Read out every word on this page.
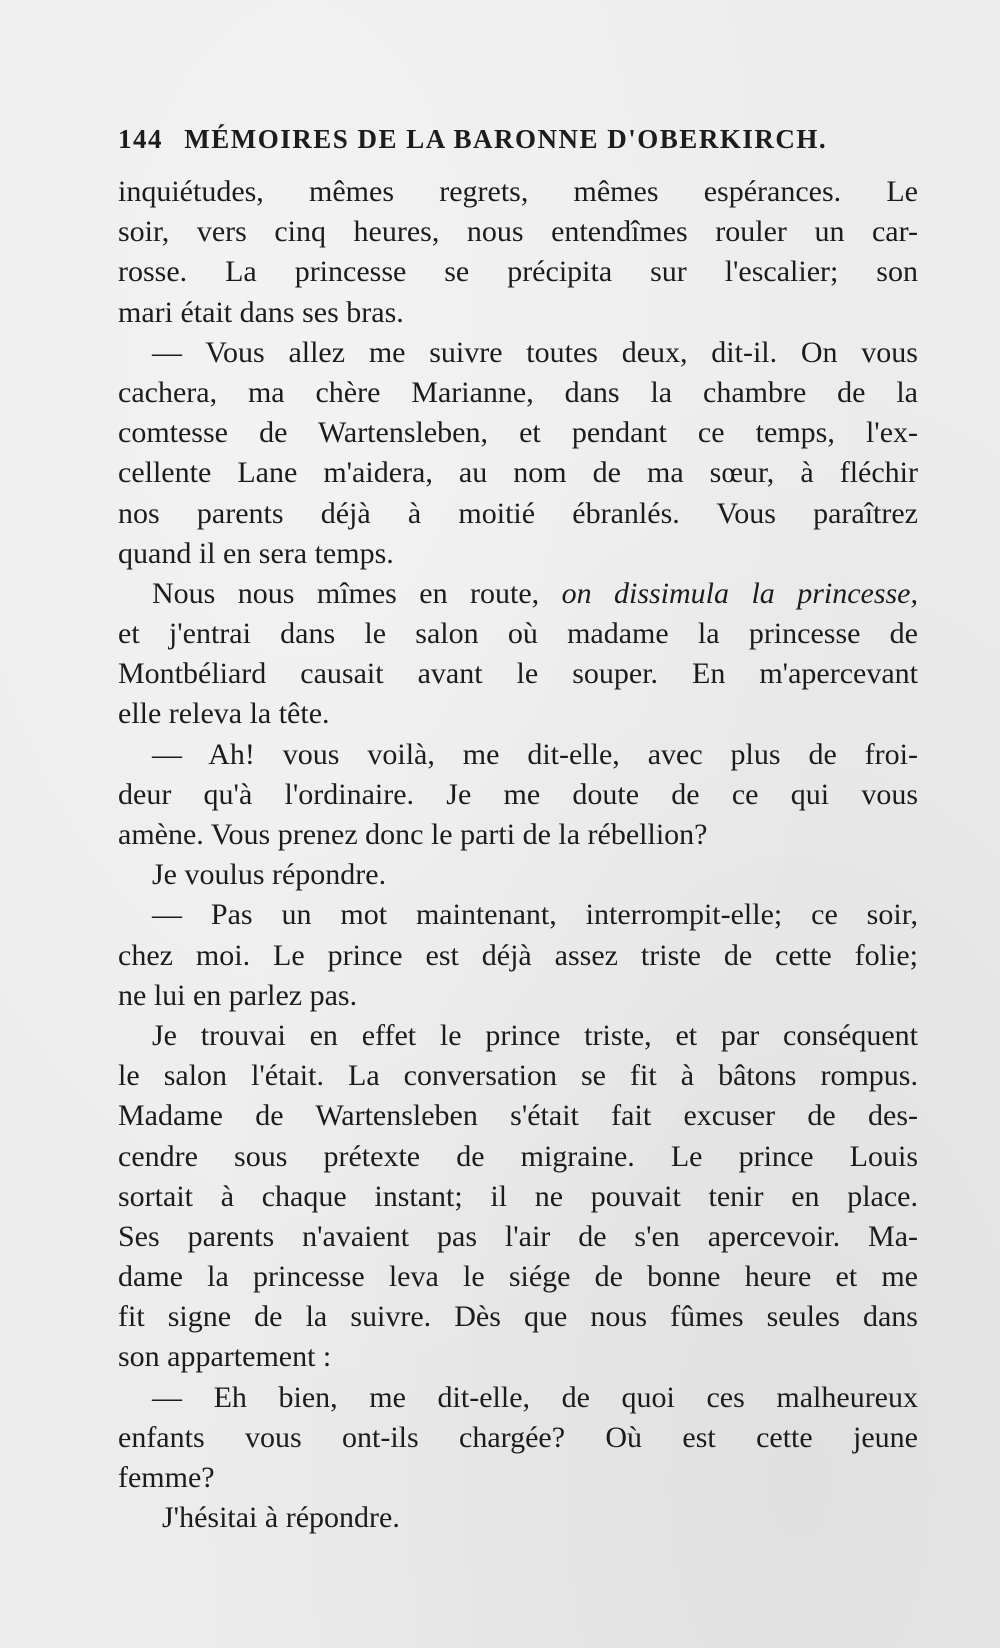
144 MÉMOIRES DE LA BARONNE D'OBERKIRCH.
inquiétudes, mêmes regrets, mêmes espérances. Le
soir, vers cinq heures, nous entendîmes rouler un car-
rosse. La princesse se précipita sur l'escalier; son
mari était dans ses bras.
— Vous allez me suivre toutes deux, dit-il. On vous
cachera, ma chère Marianne, dans la chambre de la
comtesse de Wartensleben, et pendant ce temps, l'ex-
cellente Lane m'aidera, au nom de ma sœur, à fléchir
nos parents déjà à moitié ébranlés. Vous paraîtrez
quand il en sera temps.
Nous nous mîmes en route, on dissimula la princesse,
et j'entrai dans le salon où madame la princesse de
Montbéliard causait avant le souper. En m'apercevant
elle releva la tête.
— Ah! vous voilà, me dit-elle, avec plus de froi-
deur qu'à l'ordinaire. Je me doute de ce qui vous
amène. Vous prenez donc le parti de la rébellion?
Je voulus répondre.
— Pas un mot maintenant, interrompit-elle; ce soir,
chez moi. Le prince est déjà assez triste de cette folie;
ne lui en parlez pas.
Je trouvai en effet le prince triste, et par conséquent
le salon l'était. La conversation se fit à bâtons rompus.
Madame de Wartensleben s'était fait excuser de des-
cendre sous prétexte de migraine. Le prince Louis
sortait à chaque instant; il ne pouvait tenir en place.
Ses parents n'avaient pas l'air de s'en apercevoir. Ma-
dame la princesse leva le siége de bonne heure et me
fit signe de la suivre. Dès que nous fûmes seules dans
son appartement :
— Eh bien, me dit-elle, de quoi ces malheureux
enfants vous ont-ils chargée? Où est cette jeune
femme?
J'hésitai à répondre.
